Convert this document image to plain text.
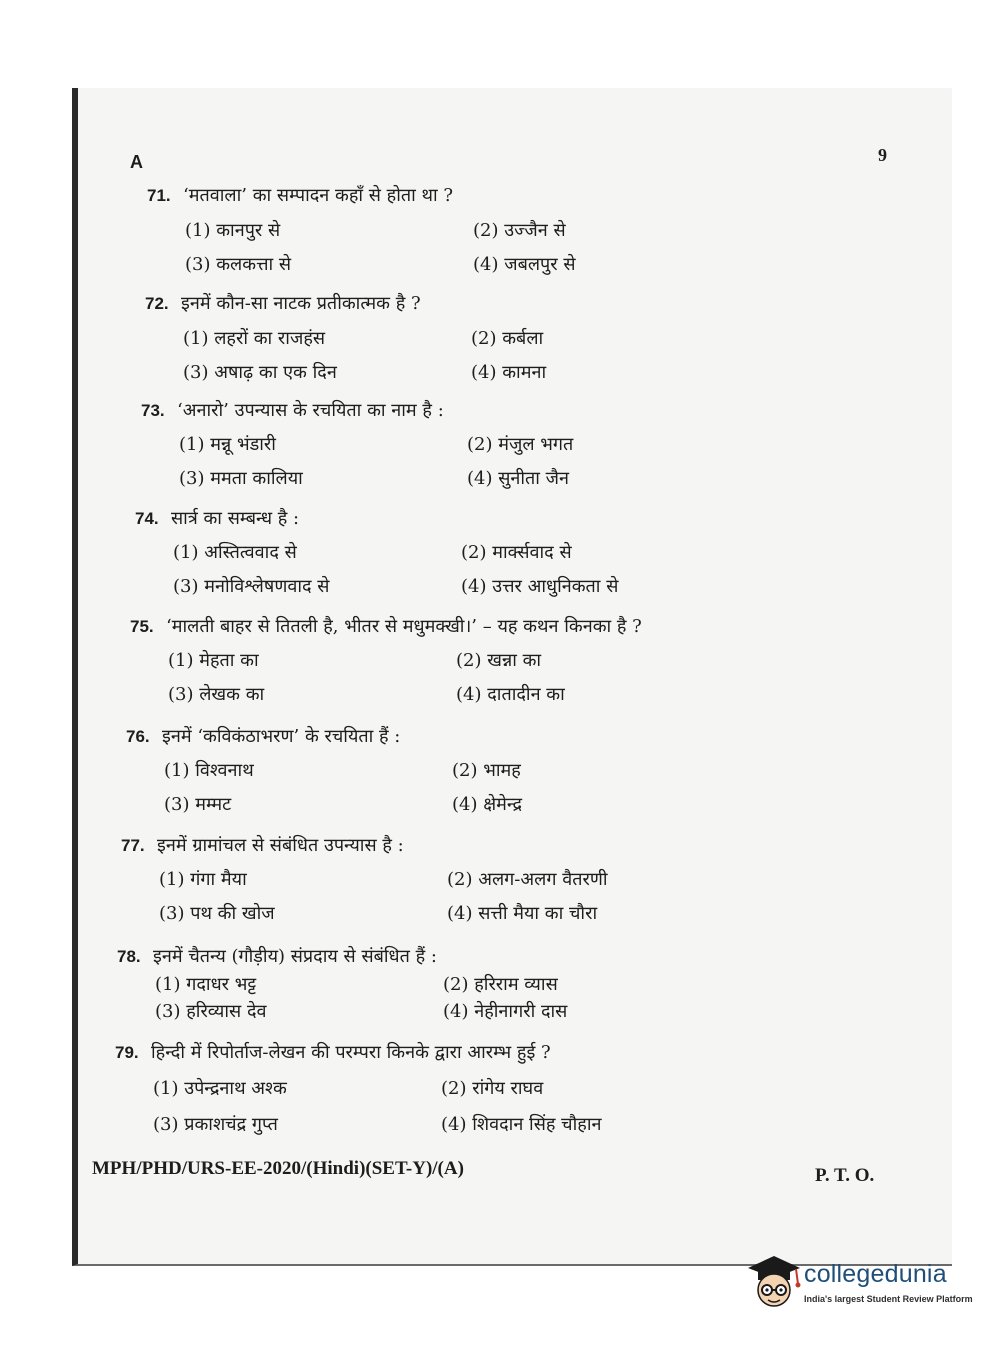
A	9
71. ‘मतवाला’ का सम्पादन कहाँ से होता था ?
(1) कानपुर से	(2) उज्जैन से
(3) कलकत्ता से	(4) जबलपुर से
72. इनमें कौन-सा नाटक प्रतीकात्मक है ?
(1) लहरों का राजहंस	(2) कर्बला
(3) अषाढ़ का एक दिन	(4) कामना
73. ‘अनारो’ उपन्यास के रचयिता का नाम है :
(1) मन्नू भंडारी	(2) मंजुल भगत
(3) ममता कालिया	(4) सुनीता जैन
74. सार्त्र का सम्बन्ध है :
(1) अस्तित्ववाद से	(2) मार्क्सवाद से
(3) मनोविश्लेषणवाद से	(4) उत्तर आधुनिकता से
75. ‘मालती बाहर से तितली है, भीतर से मधुमक्खी।’ – यह कथन किनका है ?
(1) मेहता का	(2) खन्ना का
(3) लेखक का	(4) दातादीन का
76. इनमें ‘कविकंठाभरण’ के रचयिता हैं :
(1) विश्वनाथ	(2) भामह
(3) मम्मट	(4) क्षेमेन्द्र
77. इनमें ग्रामांचल से संबंधित उपन्यास है :
(1) गंगा मैया	(2) अलग-अलग वैतरणी
(3) पथ की खोज	(4) सत्ती मैया का चौरा
78. इनमें चैतन्य (गौड़ीय) संप्रदाय से संबंधित हैं :
(1) गदाधर भट्ट	(2) हरिराम व्यास
(3) हरिव्यास देव	(4) नेहीनागरी दास
79. हिन्दी में रिपोर्ताज-लेखन की परम्परा किनके द्वारा आरम्भ हुई ?
(1) उपेन्द्रनाथ अश्क	(2) रांगेय राघव
(3) प्रकाशचंद्र गुप्त	(4) शिवदान सिंह चौहान
MPH/PHD/URS-EE-2020/(Hindi)(SET-Y)/(A)	P. T. O.
collegedunia
India's largest Student Review Platform
